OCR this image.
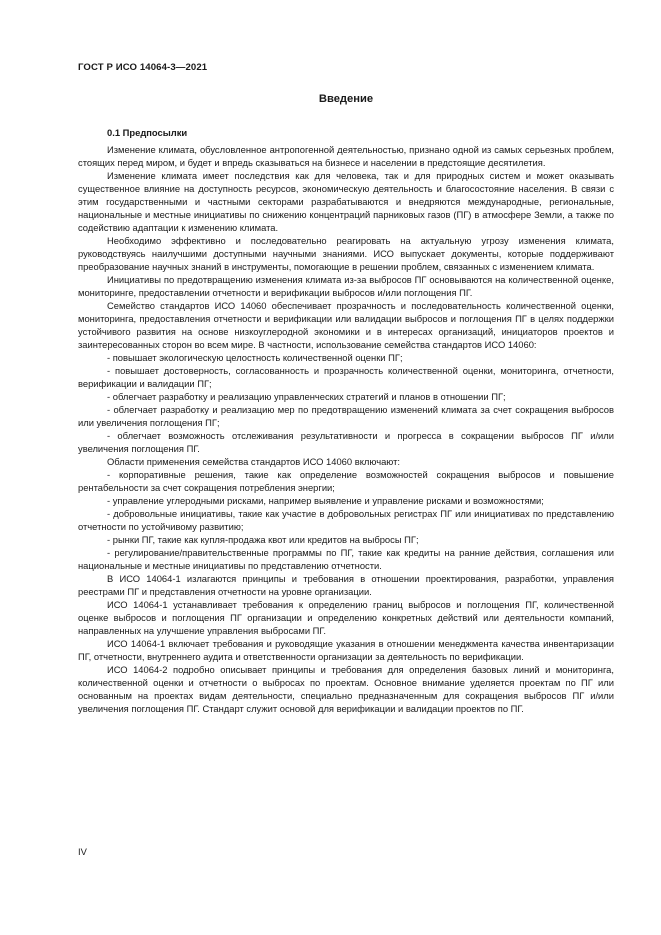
ГОСТ Р ИСО 14064-3—2021
Введение
0.1 Предпосылки

Изменение климата, обусловленное антропогенной деятельностью, признано одной из самых серьезных проблем, стоящих перед миром, и будет и впредь сказываться на бизнесе и населении в предстоящие десятилетия.

Изменение климата имеет последствия как для человека, так и для природных систем и может оказывать существенное влияние на доступность ресурсов, экономическую деятельность и благосостояние населения. В связи с этим государственными и частными секторами разрабатываются и внедряются международные, региональные, национальные и местные инициативы по снижению концентраций парниковых газов (ПГ) в атмосфере Земли, а также по содействию адаптации к изменению климата.

Необходимо эффективно и последовательно реагировать на актуальную угрозу изменения климата, руководствуясь наилучшими доступными научными знаниями. ИСО выпускает документы, которые поддерживают преобразование научных знаний в инструменты, помогающие в решении проблем, связанных с изменением климата.

Инициативы по предотвращению изменения климата из-за выбросов ПГ основываются на количественной оценке, мониторинге, предоставлении отчетности и верификации выбросов и/или поглощения ПГ.

Семейство стандартов ИСО 14060 обеспечивает прозрачность и последовательность количественной оценки, мониторинга, предоставления отчетности и верификации или валидации выбросов и поглощения ПГ в целях поддержки устойчивого развития на основе низкоуглеродной экономики и в интересах организаций, инициаторов проектов и заинтересованных сторон во всем мире. В частности, использование семейства стандартов ИСО 14060:

- повышает экологическую целостность количественной оценки ПГ;

- повышает достоверность, согласованность и прозрачность количественной оценки, мониторинга, отчетности, верификации и валидации ПГ;

- облегчает разработку и реализацию управленческих стратегий и планов в отношении ПГ;

- облегчает разработку и реализацию мер по предотвращению изменений климата за счет сокращения выбросов или увеличения поглощения ПГ;

- облегчает возможность отслеживания результативности и прогресса в сокращении выбросов ПГ и/или увеличения поглощения ПГ.

Области применения семейства стандартов ИСО 14060 включают:

- корпоративные решения, такие как определение возможностей сокращения выбросов и повышение рентабельности за счет сокращения потребления энергии;

- управление углеродными рисками, например выявление и управление рисками и возможностями;

- добровольные инициативы, такие как участие в добровольных регистрах ПГ или инициативах по представлению отчетности по устойчивому развитию;

- рынки ПГ, такие как купля-продажа квот или кредитов на выбросы ПГ;

- регулирование/правительственные программы по ПГ, такие как кредиты на ранние действия, соглашения или национальные и местные инициативы по представлению отчетности.

В ИСО 14064-1 излагаются принципы и требования в отношении проектирования, разработки, управления реестрами ПГ и представления отчетности на уровне организации.

ИСО 14064-1 устанавливает требования к определению границ выбросов и поглощения ПГ, количественной оценке выбросов и поглощения ПГ организации и определению конкретных действий или деятельности компаний, направленных на улучшение управления выбросами ПГ.

ИСО 14064-1 включает требования и руководящие указания в отношении менеджмента качества инвентаризации ПГ, отчетности, внутреннего аудита и ответственности организации за деятельность по верификации.

ИСО 14064-2 подробно описывает принципы и требования для определения базовых линий и мониторинга, количественной оценки и отчетности о выбросах по проектам. Основное внимание уделяется проектам по ПГ или основанным на проектах видам деятельности, специально предназначенным для сокращения выбросов ПГ и/или увеличения поглощения ПГ. Стандарт служит основой для верификации и валидации проектов по ПГ.

IV
